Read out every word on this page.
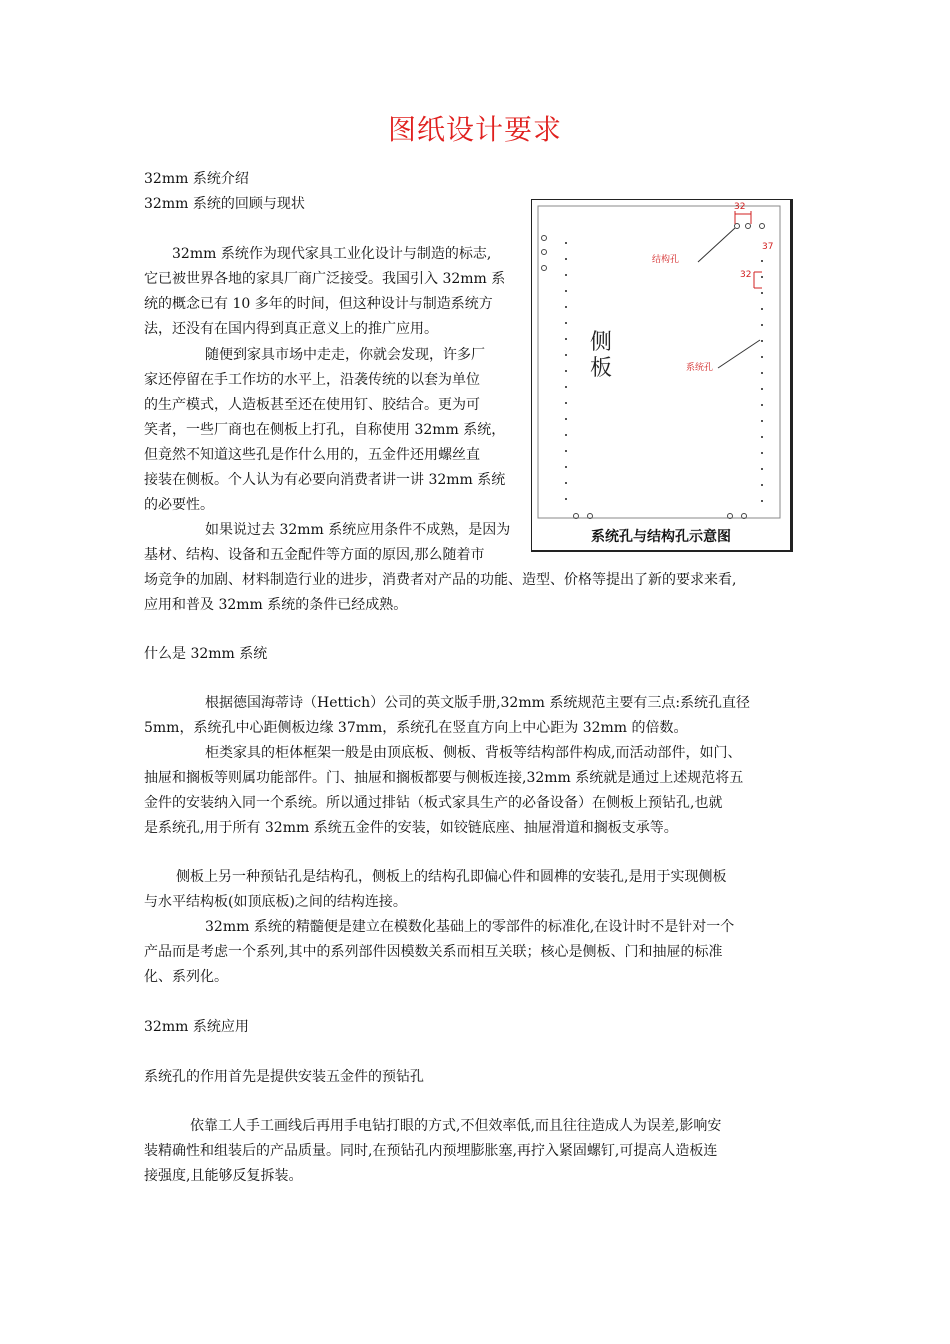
图纸设计要求
32mm 系统介绍
32mm 系统的回顾与现状
32mm 系统作为现代家具工业化设计与制造的标志,
它已被世界各地的家具厂商广泛接受。我国引入 32mm 系
统的概念已有 10 多年的时间，但这种设计与制造系统方
法，还没有在国内得到真正意义上的推广应用。
随便到家具市场中走走，你就会发现，许多厂
家还停留在手工作坊的水平上，沿袭传统的以套为单位
的生产模式，人造板甚至还在使用钉、胶结合。更为可
笑者，一些厂商也在侧板上打孔，自称使用 32mm 系统，
但竟然不知道这些孔是作什么用的，五金件还用螺丝直
接装在侧板。个人认为有必要向消费者讲一讲 32mm 系统
的必要性。
如果说过去 32mm 系统应用条件不成熟，是因为
基材、结构、设备和五金配件等方面的原因,那么随着市
场竞争的加剧、材料制造行业的进步，消费者对产品的功能、造型、价格等提出了新的要求来看,
应用和普及 32mm 系统的条件已经成熟。
32
37
32
结构孔
系统孔
侧板
系统孔与结构孔示意图
什么是 32mm 系统
根据德国海蒂诗（Hettich）公司的英文版手册,32mm 系统规范主要有三点:系统孔直径
5mm，系统孔中心距侧板边缘 37mm，系统孔在竖直方向上中心距为 32mm 的倍数。
柜类家具的柜体框架一般是由顶底板、侧板、背板等结构部件构成,而活动部件，如门、
抽屉和搁板等则属功能部件。门、抽屉和搁板都要与侧板连接,32mm 系统就是通过上述规范将五
金件的安装纳入同一个系统。所以通过排钻（板式家具生产的必备设备）在侧板上预钻孔,也就
是系统孔,用于所有 32mm 系统五金件的安装，如铰链底座、抽屉滑道和搁板支承等。
侧板上另一种预钻孔是结构孔，侧板上的结构孔即偏心件和圆榫的安装孔,是用于实现侧板
与水平结构板(如顶底板)之间的结构连接。
32mm 系统的精髓便是建立在模数化基础上的零部件的标准化,在设计时不是针对一个
产品而是考虑一个系列,其中的系列部件因模数关系而相互关联；核心是侧板、门和抽屉的标准
化、系列化。
32mm 系统应用
系统孔的作用首先是提供安装五金件的预钻孔
依靠工人手工画线后再用手电钻打眼的方式,不但效率低,而且往往造成人为误差,影响安
装精确性和组装后的产品质量。同时,在预钻孔内预埋膨胀塞,再拧入紧固螺钉,可提高人造板连
接强度,且能够反复拆装。
